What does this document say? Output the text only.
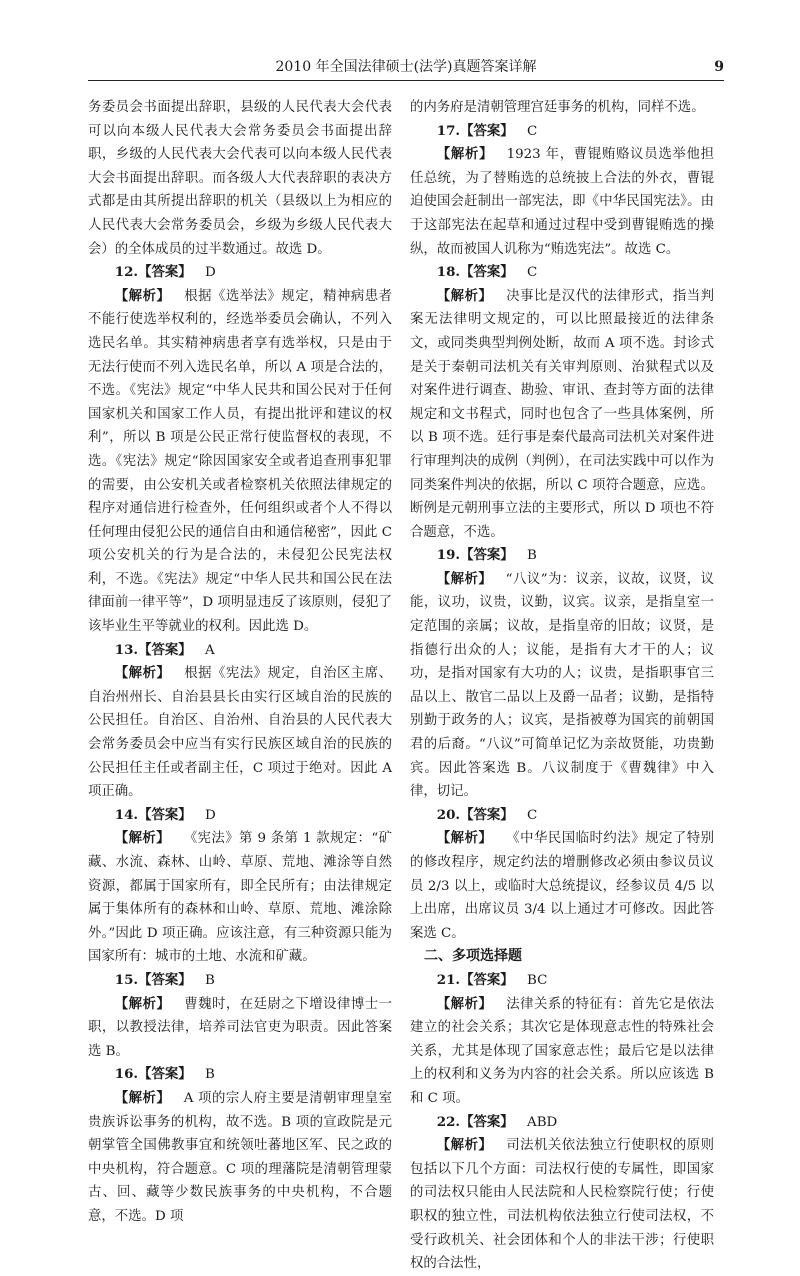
2010 年全国法律硕士(法学)真题答案详解	9

务委员会书面提出辞职，县级的人民代表大会代表可以向本级人民代表大会常务委员会书面提出辞职，乡级的人民代表大会代表可以向本级人民代表大会书面提出辞职。而各级人大代表辞职的表决方式都是由其所提出辞职的机关（县级以上为相应的人民代表大会常务委员会，乡级为乡级人民代表大会）的全体成员的过半数通过。故选 D。

12.【答案】   D

【解析】   根据《选举法》规定，精神病患者不能行使选举权利的，经选举委员会确认，不列入选民名单。其实精神病患者享有选举权，只是由于无法行使而不列入选民名单，所以 A 项是合法的，不选。《宪法》规定“中华人民共和国公民对于任何国家机关和国家工作人员，有提出批评和建议的权利”，所以 B 项是公民正常行使监督权的表现，不选。《宪法》规定“除因国家安全或者追查刑事犯罪的需要，由公安机关或者检察机关依照法律规定的程序对通信进行检查外，任何组织或者个人不得以任何理由侵犯公民的通信自由和通信秘密”，因此 C 项公安机关的行为是合法的，未侵犯公民宪法权利，不选。《宪法》规定“中华人民共和国公民在法律面前一律平等”，D 项明显违反了该原则，侵犯了该毕业生平等就业的权利。因此选 D。

13.【答案】   A

【解析】   根据《宪法》规定，自治区主席、自治州州长、自治县县长由实行区域自治的民族的公民担任。自治区、自治州、自治县的人民代表大会常务委员会中应当有实行民族区域自治的民族的公民担任主任或者副主任，C 项过于绝对。因此 A 项正确。

14.【答案】   D

【解析】   《宪法》第 9 条第 1 款规定：“矿藏、水流、森林、山岭、草原、荒地、滩涂等自然资源，都属于国家所有，即全民所有；由法律规定属于集体所有的森林和山岭、草原、荒地、滩涂除外。”因此 D 项正确。应该注意，有三种资源只能为国家所有：城市的土地、水流和矿藏。

15.【答案】   B

【解析】   曹魏时，在廷尉之下增设律博士一职，以教授法律，培养司法官吏为职责。因此答案选 B。

16.【答案】   B

【解析】   A 项的宗人府主要是清朝审理皇室贵族诉讼事务的机构，故不选。B 项的宣政院是元朝掌管全国佛教事宜和统领吐蕃地区军、民之政的中央机构，符合题意。C 项的理藩院是清朝管理蒙古、回、藏等少数民族事务的中央机构，不合题意，不选。D 项

的内务府是清朝管理宫廷事务的机构，同样不选。

17.【答案】   C

【解析】   1923 年，曹锟贿赂议员选举他担任总统，为了替贿选的总统披上合法的外衣，曹锟迫使国会赶制出一部宪法，即《中华民国宪法》。由于这部宪法在起草和通过过程中受到曹锟贿选的操纵，故而被国人讥称为“贿选宪法”。故选 C。

18.【答案】   C

【解析】   决事比是汉代的法律形式，指当判案无法律明文规定的，可以比照最接近的法律条文，或同类典型判例处断，故而 A 项不选。封诊式是关于秦朝司法机关有关审判原则、治狱程式以及对案件进行调查、勘验、审讯、查封等方面的法律规定和文书程式，同时也包含了一些具体案例，所以 B 项不选。廷行事是秦代最高司法机关对案件进行审理判决的成例（判例），在司法实践中可以作为同类案件判决的依据，所以 C 项符合题意，应选。断例是元朝刑事立法的主要形式，所以 D 项也不符合题意，不选。

19.【答案】   B

【解析】   “八议”为：议亲，议故，议贤，议能，议功，议贵，议勤，议宾。议亲，是指皇室一定范围的亲属；议故，是指皇帝的旧故；议贤，是指德行出众的人；议能，是指有大才干的人；议功，是指对国家有大功的人；议贵，是指职事官三品以上、散官二品以上及爵一品者；议勤，是指特别勤于政务的人；议宾，是指被尊为国宾的前朝国君的后裔。“八议”可简单记忆为亲故贤能，功贵勤宾。因此答案选 B。八议制度于《曹魏律》中入律，切记。

20.【答案】   C

【解析】   《中华民国临时约法》规定了特别的修改程序，规定约法的增删修改必须由参议员议员 2/3 以上，或临时大总统提议，经参议员 4/5 以上出席，出席议员 3/4 以上通过才可修改。因此答案选 C。

二、多项选择题

21.【答案】   BC

【解析】   法律关系的特征有：首先它是依法建立的社会关系；其次它是体现意志性的特殊社会关系，尤其是体现了国家意志性；最后它是以法律上的权利和义务为内容的社会关系。所以应该选 B 和 C 项。

22.【答案】   ABD

【解析】   司法机关依法独立行使职权的原则包括以下几个方面：司法权行使的专属性，即国家的司法权只能由人民法院和人民检察院行使；行使职权的独立性，司法机构依法独立行使司法权，不受行政机关、社会团体和个人的非法干涉；行使职权的合法性，
